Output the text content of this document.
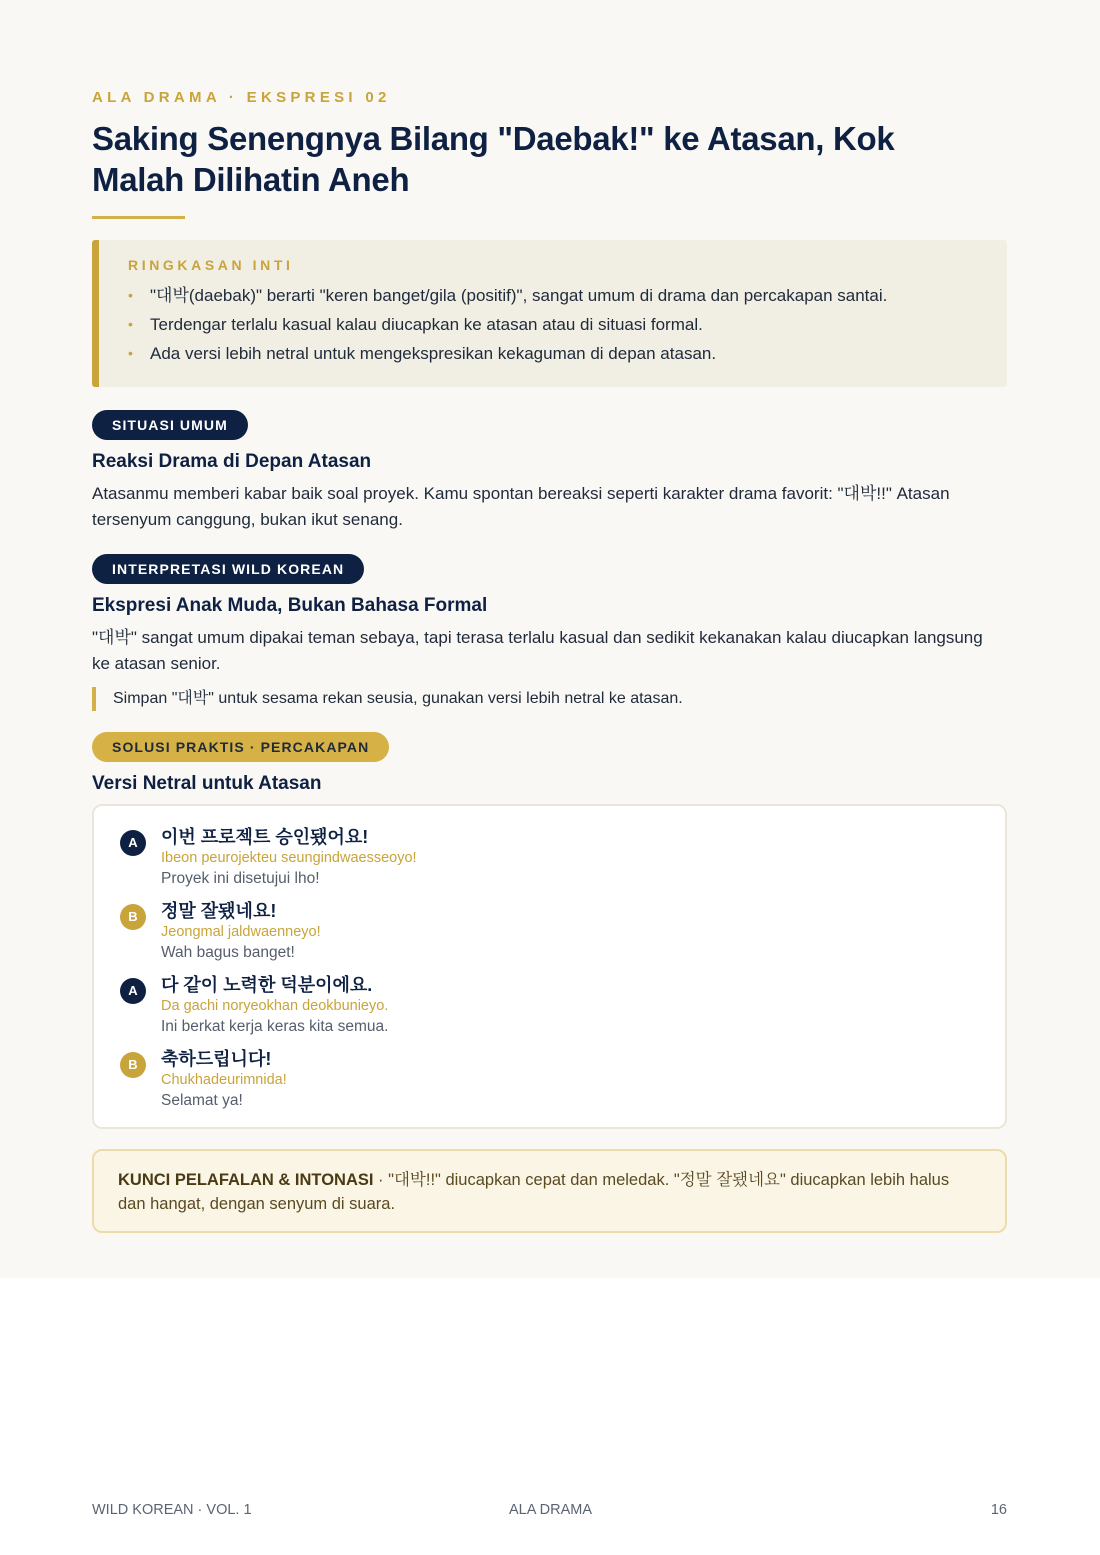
ALA DRAMA · EKSPRESI 02
Saking Senengnya Bilang "Daebak!" ke Atasan, Kok Malah Dilihatin Aneh
RINGKASAN INTI
• "대박(daebak)" berarti "keren banget/gila (positif)", sangat umum di drama dan percakapan santai.
• Terdengar terlalu kasual kalau diucapkan ke atasan atau di situasi formal.
• Ada versi lebih netral untuk mengekspresikan kekaguman di depan atasan.
SITUASI UMUM
Reaksi Drama di Depan Atasan

Atasanmu memberi kabar baik soal proyek. Kamu spontan bereaksi seperti karakter drama favorit: "대박!!" Atasan tersenyum canggung, bukan ikut senang.

INTERPRETASI WILD KOREAN
Ekspresi Anak Muda, Bukan Bahasa Formal

"대박" sangat umum dipakai teman sebaya, tapi terasa terlalu kasual dan sedikit kekanakan kalau diucapkan langsung ke atasan senior.

Simpan "대박" untuk sesama rekan seusia, gunakan versi lebih netral ke atasan.
SOLUSI PRAKTIS · PERCAKAPAN
Versi Netral untuk Atasan
A	이번 프로젝트 승인됐어요!
Ibeon peurojekteu seungindwaesseoyo!
Proyek ini disetujui lho!
B	정말 잘됐네요!
Jeongmal jaldwaenneyo!
Wah bagus banget!
A	다 같이 노력한 덕분이에요.
Da gachi noryeokhan deokbunieyo.
Ini berkat kerja keras kita semua.
B	축하드립니다!
Chukhadeurimnida!
Selamat ya!
KUNCI PELAFALAN & INTONASI · "대박!!" diucapkan cepat dan meledak. "정말 잘됐네요" diucapkan lebih halus dan hangat, dengan senyum di suara.
WILD KOREAN · VOL. 1	ALA DRAMA	16
